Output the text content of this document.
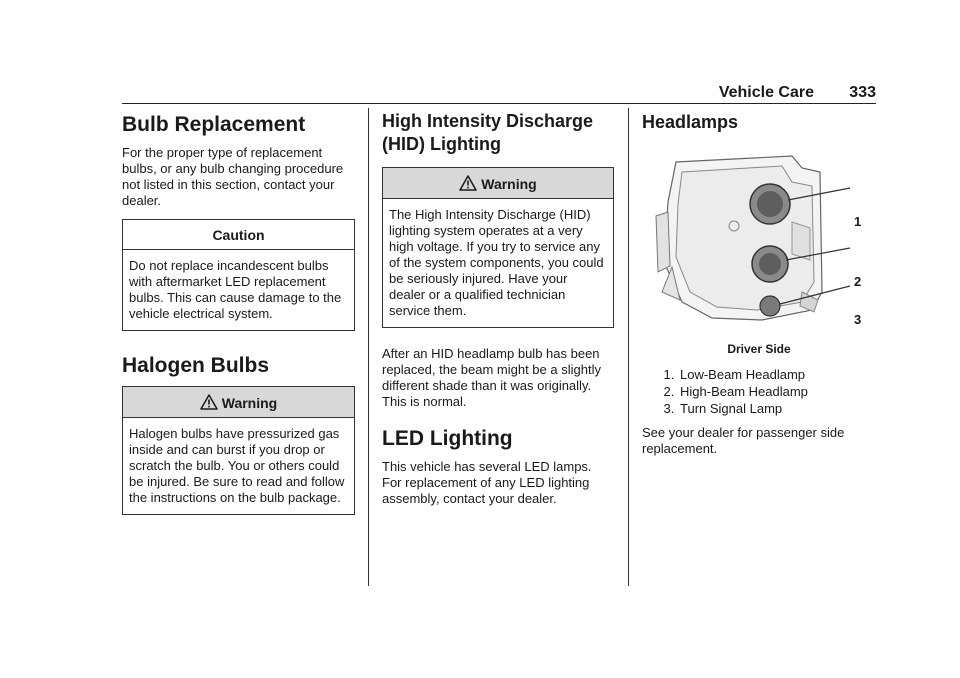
Vehicle Care 333
Bulb Replacement

For the proper type of replacement bulbs, or any bulb changing procedure not listed in this section, contact your dealer.

Caution
Do not replace incandescent bulbs with aftermarket LED replacement bulbs. This can cause damage to the vehicle electrical system.
Halogen Bulbs
Warning
Halogen bulbs have pressurized gas inside and can burst if you drop or scratch the bulb. You or others could be injured. Be sure to read and follow the instructions on the bulb package.
High Intensity Discharge (HID) Lighting
Warning
The High Intensity Discharge (HID) lighting system operates at a very high voltage. If you try to service any of the system components, you could be seriously injured. Have your dealer or a qualified technician service them.

After an HID headlamp bulb has been replaced, the beam might be a slightly different shade than it was originally. This is normal.

LED Lighting

This vehicle has several LED lamps. For replacement of any LED lighting assembly, contact your dealer.

Headlamps
1
2
3
Driver Side
1. Low-Beam Headlamp
2. High-Beam Headlamp
3. Turn Signal Lamp

See your dealer for passenger side replacement.
